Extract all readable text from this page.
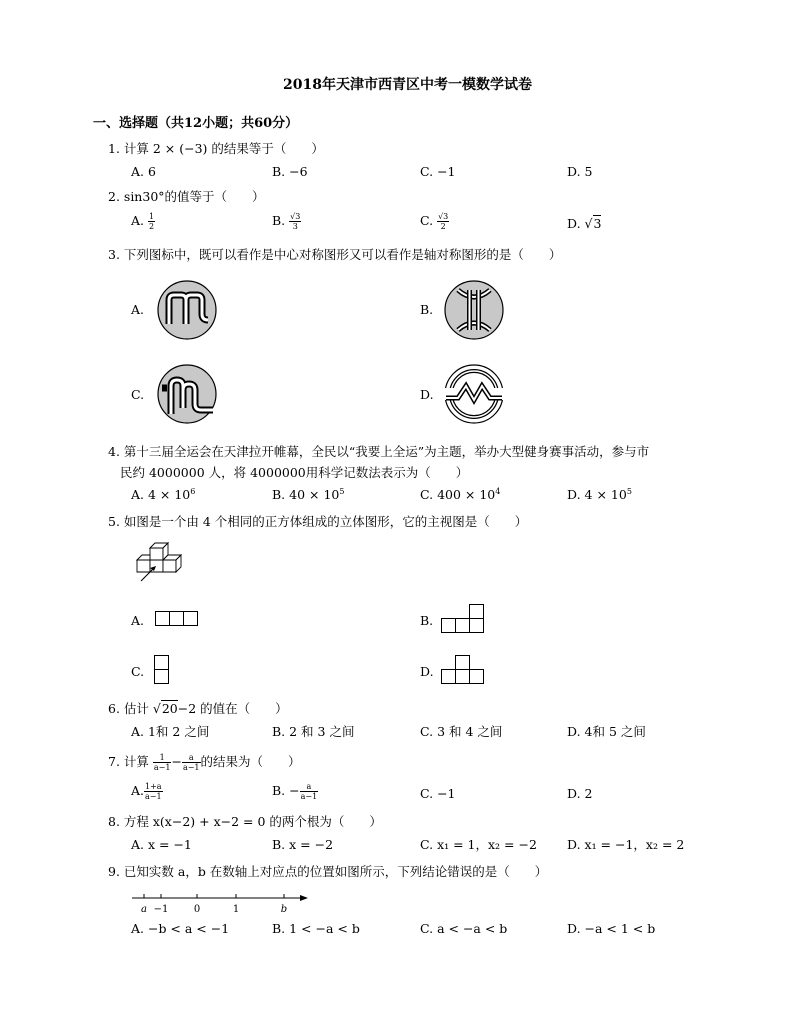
2018年天津市西青区中考一模数学试卷
一、选择题（共12小题；共60分）
1. 计算 2 × (−3) 的结果等于（　　）
A. 6	B. −6	C. −1	D. 5
2. sin30°的值等于（　　）
A. $\frac{1}{2}$	B. $\frac{√3}{3}$	C. $\frac{√3}{2}$	D. √3
3. 下列图标中，既可以看作是中心对称图形又可以看作是轴对称图形的是（　　）
A.	B.
C.	D.
4. 第十三届全运会在天津拉开帷幕，全民以“我要上全运”为主题，举办大型健身赛事活动，参与市
民约 4000000 人，将 4000000用科学记数法表示为（　　）
A. $4 \times 10^6$	B. $40 \times 10^5$	C. $400 \times 10^4$	D. $4 \times 10^5$
5. 如图是一个由 4 个相同的正方体组成的立体图形，它的主视图是（　　）
A.	B.
C.	D.
6. 估计 √20−2 的值在（　　）
A. 1和 2 之间	B. 2 和 3 之间	C. 3 和 4 之间	D. 4和 5 之间
7. 计算 $\frac{1}{a-1} - \frac{a}{a-1}$ 的结果为（　　）
A. $\frac{1+a}{a-1}$	B. − $\frac{a}{a-1}$	C. −1	D. 2
8. 方程 x(x−2) + x−2 = 0 的两个根为（　　）
A. x = −1	B. x = −2	C. x₁ = 1，x₂ = −2 D. x₁ = −1，x₂ = 2
9. 已知实数 a，b 在数轴上对应点的位置如图所示，下列结论错误的是（　　）
a −1	0	1	b
A. −b < a < −1	B. 1 < −a < b	C. a < −a < b	D. −a < 1 < b
